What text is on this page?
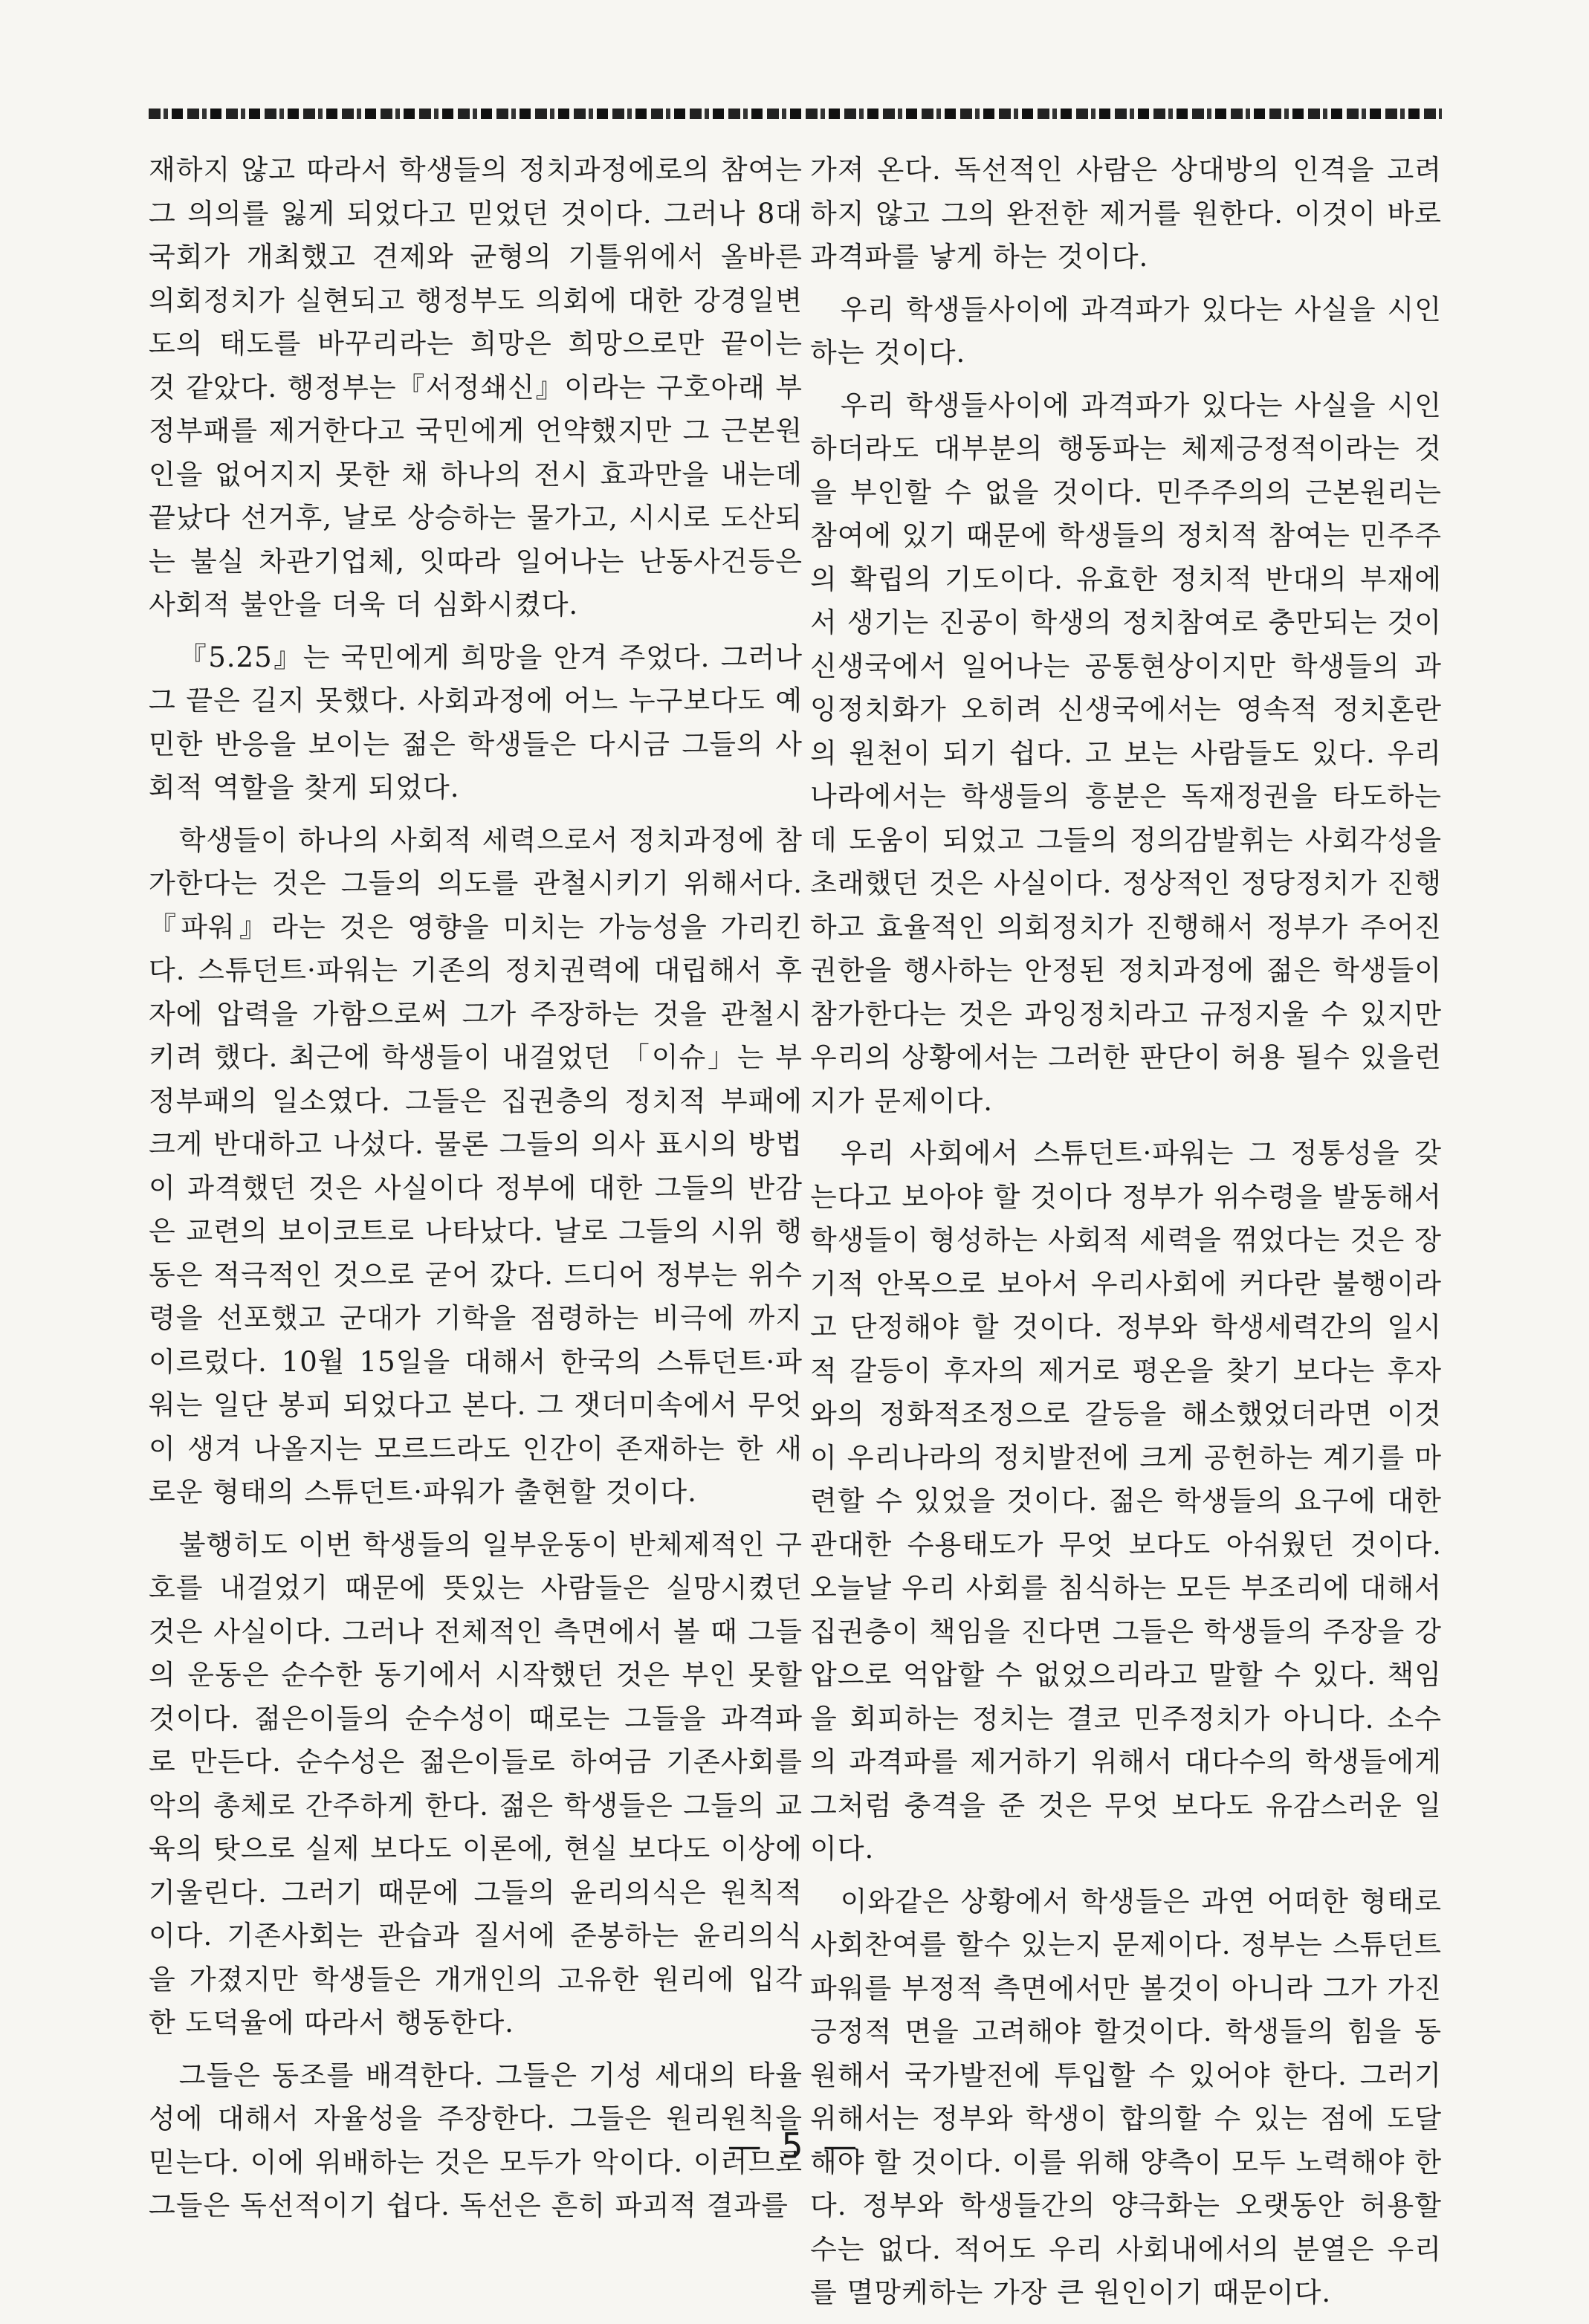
재하지 않고 따라서 학생들의 정치과정에로의 참여는 그 의의를 잃게 되었다고 믿었던 것이다. 그러나 8대 국회가 개최했고 견제와 균형의 기틀위에서 올바른 의회정치가 실현되고 행정부도 의회에 대한 강경일변도의 태도를 바꾸리라는 희망은 희망으로만 끝이는 것 같았다. 행정부는『서정쇄신』이라는 구호아래 부정부패를 제거한다고 국민에게 언약했지만 그 근본원인을 없어지지 못한 채 하나의 전시 효과만을 내는데 끝났다 선거후, 날로 상승하는 물가고, 시시로 도산되는 불실 차관기업체, 잇따라 일어나는 난동사건등은 사회적 불안을 더욱 더 심화시켰다.

『5.25』는 국민에게 희망을 안겨 주었다. 그러나 그 끝은 길지 못했다. 사회과정에 어느 누구보다도 예민한 반응을 보이는 젊은 학생들은 다시금 그들의 사회적 역할을 찾게 되었다.

학생들이 하나의 사회적 세력으로서 정치과정에 참가한다는 것은 그들의 의도를 관철시키기 위해서다.『파워』라는 것은 영향을 미치는 가능성을 가리킨다. 스튜던트·파워는 기존의 정치권력에 대립해서 후자에 압력을 가함으로써 그가 주장하는 것을 관철시키려 했다. 최근에 학생들이 내걸었던 「이슈」는 부정부패의 일소였다. 그들은 집권층의 정치적 부패에 크게 반대하고 나섰다. 물론 그들의 의사 표시의 방법이 과격했던 것은 사실이다 정부에 대한 그들의 반감은 교련의 보이코트로 나타났다. 날로 그들의 시위 행동은 적극적인 것으로 굳어 갔다. 드디어 정부는 위수령을 선포했고 군대가 기학을 점령하는 비극에 까지 이르렀다. 10월 15일을 대해서 한국의 스튜던트·파워는 일단 봉피 되었다고 본다. 그 잿더미속에서 무엇이 생겨 나올지는 모르드라도 인간이 존재하는 한 새로운 형태의 스튜던트·파워가 출현할 것이다.

불행히도 이번 학생들의 일부운동이 반체제적인 구호를 내걸었기 때문에 뜻있는 사람들은 실망시켰던 것은 사실이다. 그러나 전체적인 측면에서 볼 때 그들의 운동은 순수한 동기에서 시작했던 것은 부인 못할 것이다. 젊은이들의 순수성이 때로는 그들을 과격파로 만든다. 순수성은 젊은이들로 하여금 기존사회를 악의 총체로 간주하게 한다. 젊은 학생들은 그들의 교육의 탓으로 실제 보다도 이론에, 현실 보다도 이상에 기울린다. 그러기 때문에 그들의 윤리의식은 원칙적이다. 기존사회는 관습과 질서에 준봉하는 윤리의식을 가졌지만 학생들은 개개인의 고유한 원리에 입각한 도덕율에 따라서 행동한다.

그들은 동조를 배격한다. 그들은 기성 세대의 타율성에 대해서 자율성을 주장한다. 그들은 원리원칙을 믿는다. 이에 위배하는 것은 모두가 악이다. 이러므로 그들은 독선적이기 쉽다. 독선은 흔히 파괴적 결과를

가져 온다. 독선적인 사람은 상대방의 인격을 고려하지 않고 그의 완전한 제거를 원한다. 이것이 바로 과격파를 낳게 하는 것이다.

우리 학생들사이에 과격파가 있다는 사실을 시인하는 것이다.

우리 학생들사이에 과격파가 있다는 사실을 시인하더라도 대부분의 행동파는 체제긍정적이라는 것을 부인할 수 없을 것이다. 민주주의의 근본원리는 참여에 있기 때문에 학생들의 정치적 참여는 민주주의 확립의 기도이다. 유효한 정치적 반대의 부재에서 생기는 진공이 학생의 정치참여로 충만되는 것이 신생국에서 일어나는 공통현상이지만 학생들의 과잉정치화가 오히려 신생국에서는 영속적 정치혼란의 원천이 되기 쉽다. 고 보는 사람들도 있다. 우리나라에서는 학생들의 흥분은 독재정권을 타도하는데 도움이 되었고 그들의 정의감발휘는 사회각성을 초래했던 것은 사실이다. 정상적인 정당정치가 진행하고 효율적인 의회정치가 진행해서 정부가 주어진 권한을 행사하는 안정된 정치과정에 젊은 학생들이 참가한다는 것은 과잉정치라고 규정지울 수 있지만 우리의 상황에서는 그러한 판단이 허용 될수 있을런지가 문제이다.

우리 사회에서 스튜던트·파워는 그 정통성을 갖는다고 보아야 할 것이다 정부가 위수령을 발동해서 학생들이 형성하는 사회적 세력을 꺾었다는 것은 장기적 안목으로 보아서 우리사회에 커다란 불행이라고 단정해야 할 것이다. 정부와 학생세력간의 일시적 갈등이 후자의 제거로 평온을 찾기 보다는 후자와의 정화적조정으로 갈등을 해소했었더라면 이것이 우리나라의 정치발전에 크게 공헌하는 계기를 마련할 수 있었을 것이다. 젊은 학생들의 요구에 대한 관대한 수용태도가 무엇 보다도 아쉬웠던 것이다. 오늘날 우리 사회를 침식하는 모든 부조리에 대해서 집권층이 책임을 진다면 그들은 학생들의 주장을 강압으로 억압할 수 없었으리라고 말할 수 있다. 책임을 회피하는 정치는 결코 민주정치가 아니다. 소수의 과격파를 제거하기 위해서 대다수의 학생들에게 그처럼 충격을 준 것은 무엇 보다도 유감스러운 일이다.

이와같은 상황에서 학생들은 과연 어떠한 형태로 사회찬여를 할수 있는지 문제이다. 정부는 스튜던트 파워를 부정적 측면에서만 볼것이 아니라 그가 가진 긍정적 면을 고려해야 할것이다. 학생들의 힘을 동원해서 국가발전에 투입할 수 있어야 한다. 그러기 위해서는 정부와 학생이 합의할 수 있는 점에 도달해야 할 것이다. 이를 위해 양측이 모두 노력해야 한다. 정부와 학생들간의 양극화는 오랫동안 허용할 수는 없다. 적어도 우리 사회내에서의 분열은 우리를 멸망케하는 가장 큰 원인이기 때문이다.

— 5 —
